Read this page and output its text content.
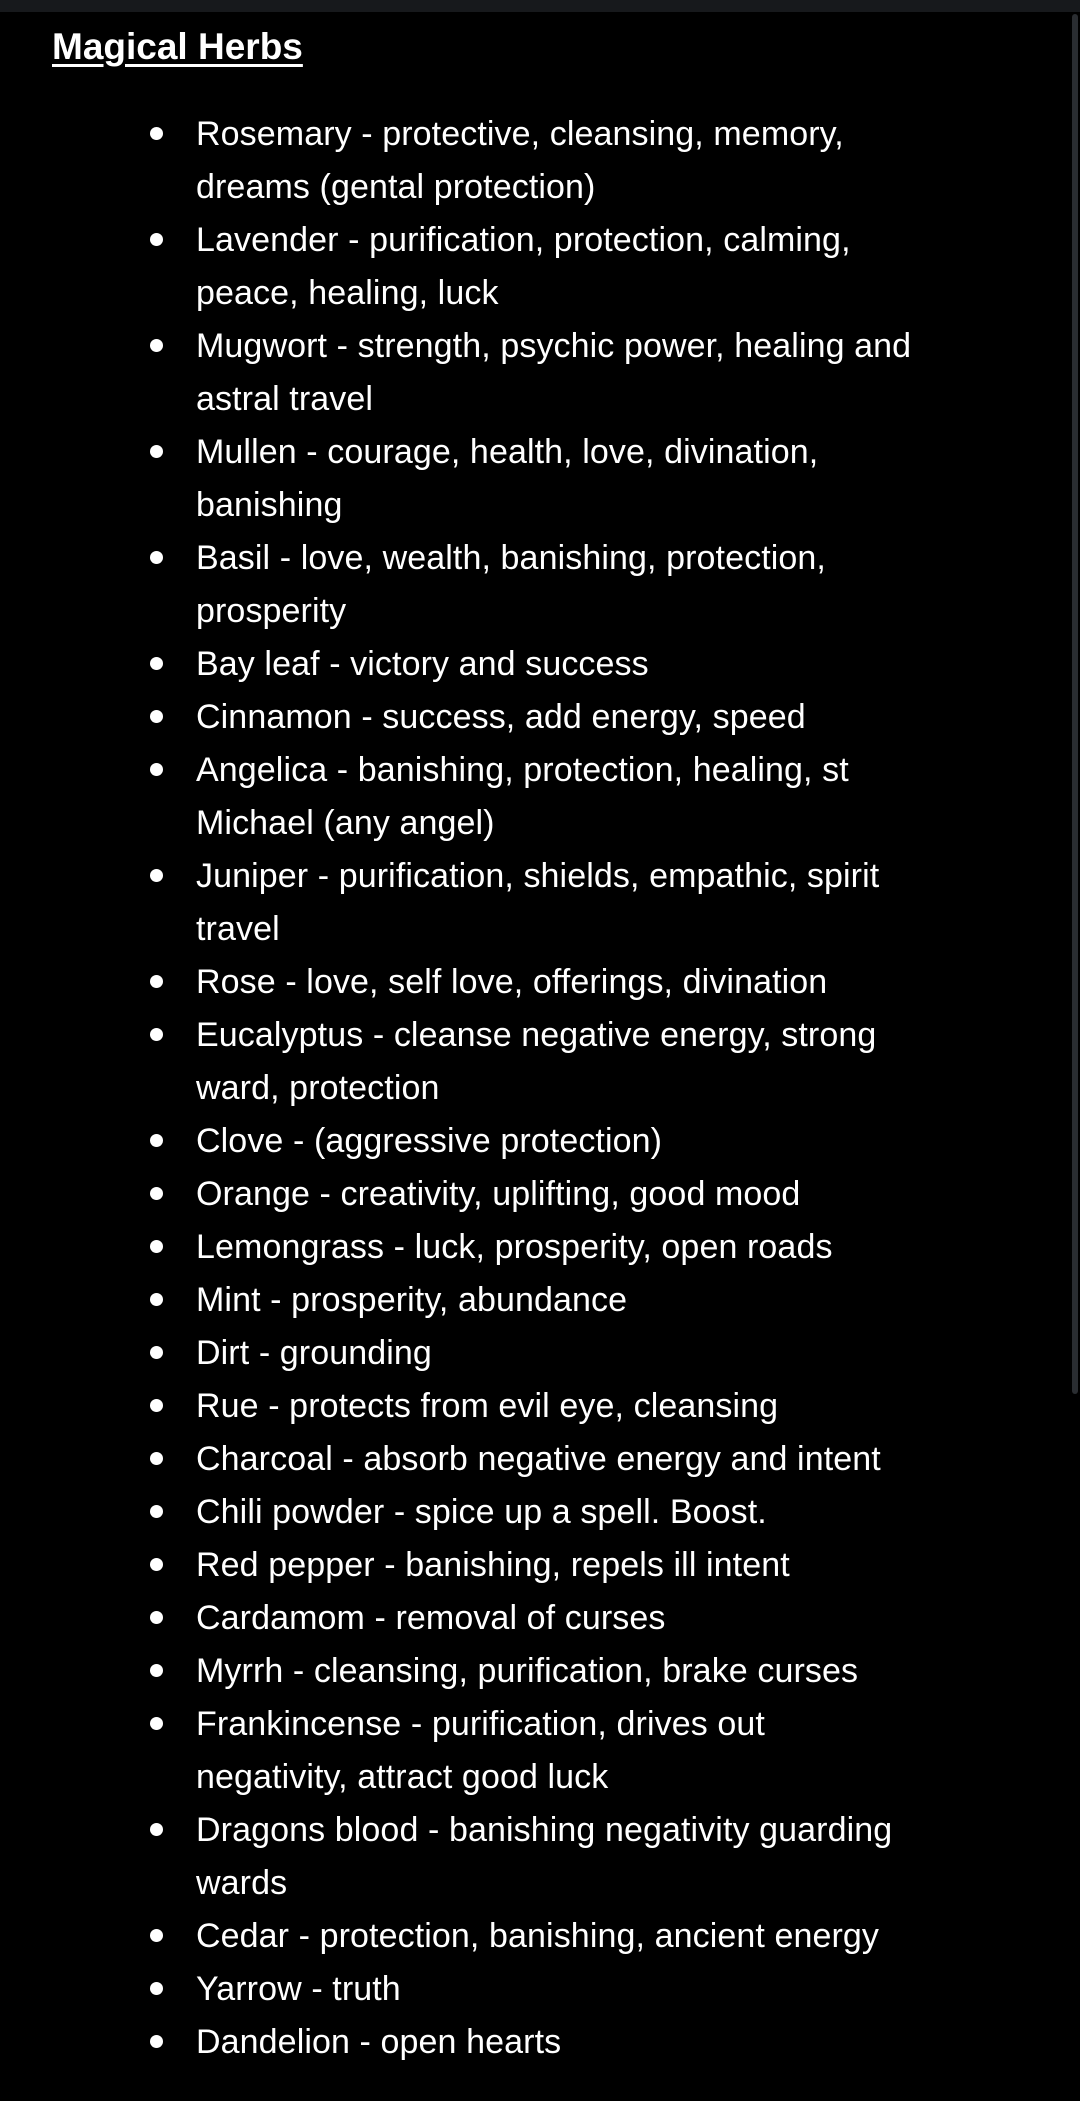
Magical Herbs
Rosemary - protective, cleansing, memory, dreams (gental protection)
Lavender - purification, protection, calming, peace, healing, luck
Mugwort - strength, psychic power, healing and astral travel
Mullen - courage, health, love, divination, banishing
Basil - love, wealth, banishing, protection, prosperity
Bay leaf - victory and success
Cinnamon - success, add energy, speed
Angelica - banishing, protection, healing, st Michael (any angel)
Juniper - purification, shields, empathic, spirit travel
Rose - love, self love, offerings, divination
Eucalyptus - cleanse negative energy, strong ward, protection
Clove - (aggressive protection)
Orange - creativity, uplifting, good mood
Lemongrass - luck, prosperity, open roads
Mint - prosperity, abundance
Dirt - grounding
Rue - protects from evil eye, cleansing
Charcoal - absorb negative energy and intent
Chili powder - spice up a spell. Boost.
Red pepper - banishing, repels ill intent
Cardamom - removal of curses
Myrrh - cleansing, purification, brake curses
Frankincense - purification, drives out negativity, attract good luck
Dragons blood - banishing negativity guarding wards
Cedar - protection, banishing, ancient energy
Yarrow - truth
Dandelion - open hearts
